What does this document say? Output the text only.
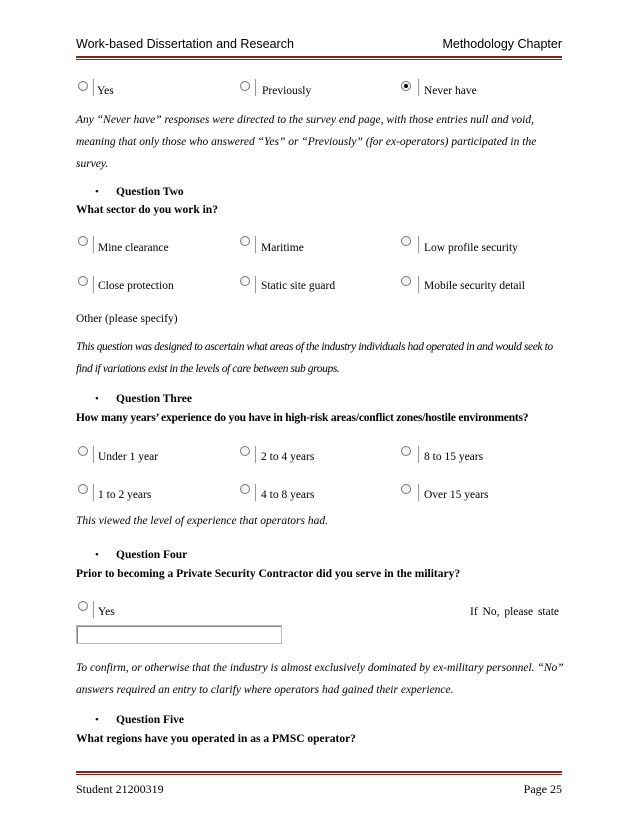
Work-based Dissertation and Research	Methodology Chapter
Yes	Previously	Never have
Any “Never have” responses were directed to the survey end page, with those entries null and void, meaning that only those who answered “Yes” or “Previously” (for ex-operators) participated in the survey.
• Question Two
What sector do you work in?
Mine clearance	Maritime	Low profile security
Close protection	Static site guard	Mobile security detail
Other (please specify)
This question was designed to ascertain what areas of the industry individuals had operated in and would seek to find if variations exist in the levels of care between sub groups.
• Question Three
How many years’ experience do you have in high-risk areas/conflict zones/hostile environments?
Under 1 year	2 to 4 years	8 to 15 years
1 to 2 years	4 to 8 years	Over 15 years
This viewed the level of experience that operators had.
• Question Four
Prior to becoming a Private Security Contractor did you serve in the military?
Yes	If No, please state
To confirm, or otherwise that the industry is almost exclusively dominated by ex-military personnel. “No” answers required an entry to clarify where operators had gained their experience.
• Question Five
What regions have you operated in as a PMSC operator?
Student 21200319	Page 25
